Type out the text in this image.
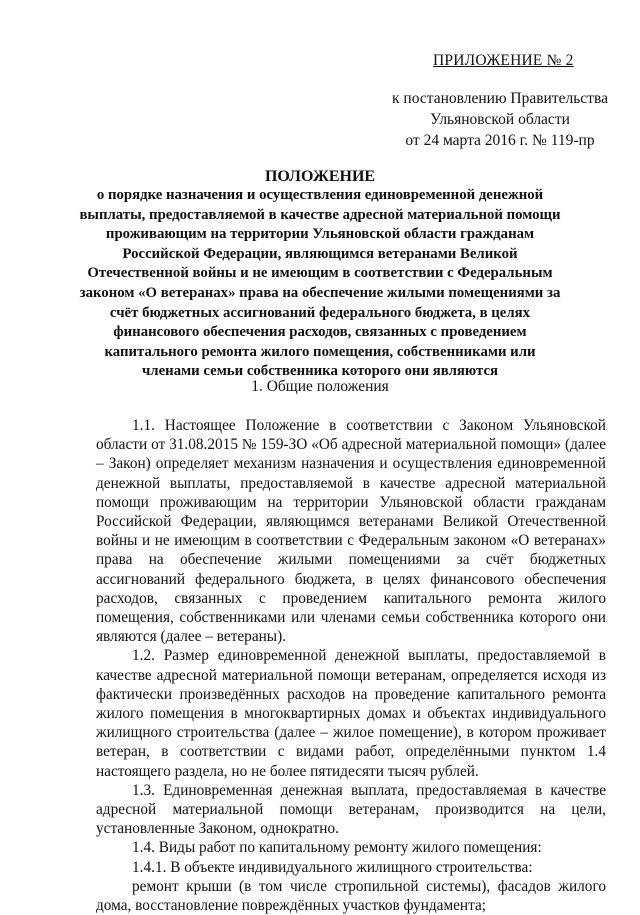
ПРИЛОЖЕНИЕ № 2
к постановлению Правительства
Ульяновской области
от 24 марта 2016 г. № 119-пр
ПОЛОЖЕНИЕ
о порядке назначения и осуществления единовременной денежной выплаты, предоставляемой в качестве адресной материальной помощи проживающим на территории Ульяновской области гражданам Российской Федерации, являющимся ветеранами Великой Отечественной войны и не имеющим в соответствии с Федеральным законом «О ветеранах» права на обеспечение жилыми помещениями за счёт бюджетных ассигнований федерального бюджета, в целях финансового обеспечения расходов, связанных с проведением капитального ремонта жилого помещения, собственниками или членами семьи собственника которого они являются
1. Общие положения

1.1. Настоящее Положение в соответствии с Законом Ульяновской области от 31.08.2015 № 159-ЗО «Об адресной материальной помощи» (далее – Закон) определяет механизм назначения и осуществления единовременной денежной выплаты, предоставляемой в качестве адресной материальной помощи проживающим на территории Ульяновской области гражданам Российской Федерации, являющимся ветеранами Великой Отечественной войны и не имеющим в соответствии с Федеральным законом «О ветеранах» права на обеспечение жилыми помещениями за счёт бюджетных ассигнований федерального бюджета, в целях финансового обеспечения расходов, связанных с проведением капитального ремонта жилого помещения, собственниками или членами семьи собственника которого они являются (далее – ветераны).

1.2. Размер единовременной денежной выплаты, предоставляемой в качестве адресной материальной помощи ветеранам, определяется исходя из фактически произведённых расходов на проведение капитального ремонта жилого помещения в многоквартирных домах и объектах индивидуального жилищного строительства (далее – жилое помещение), в котором проживает ветеран, в соответствии с видами работ, определёнными пунктом 1.4 настоящего раздела, но не более пятидесяти тысяч рублей.

1.3. Единовременная денежная выплата, предоставляемая в качестве адресной материальной помощи ветеранам, производится на цели, установленные Законом, однократно.

1.4. Виды работ по капитальному ремонту жилого помещения:

1.4.1. В объекте индивидуального жилищного строительства:

ремонт крыши (в том числе стропильной системы), фасадов жилого дома, восстановление повреждённых участков фундамента;
